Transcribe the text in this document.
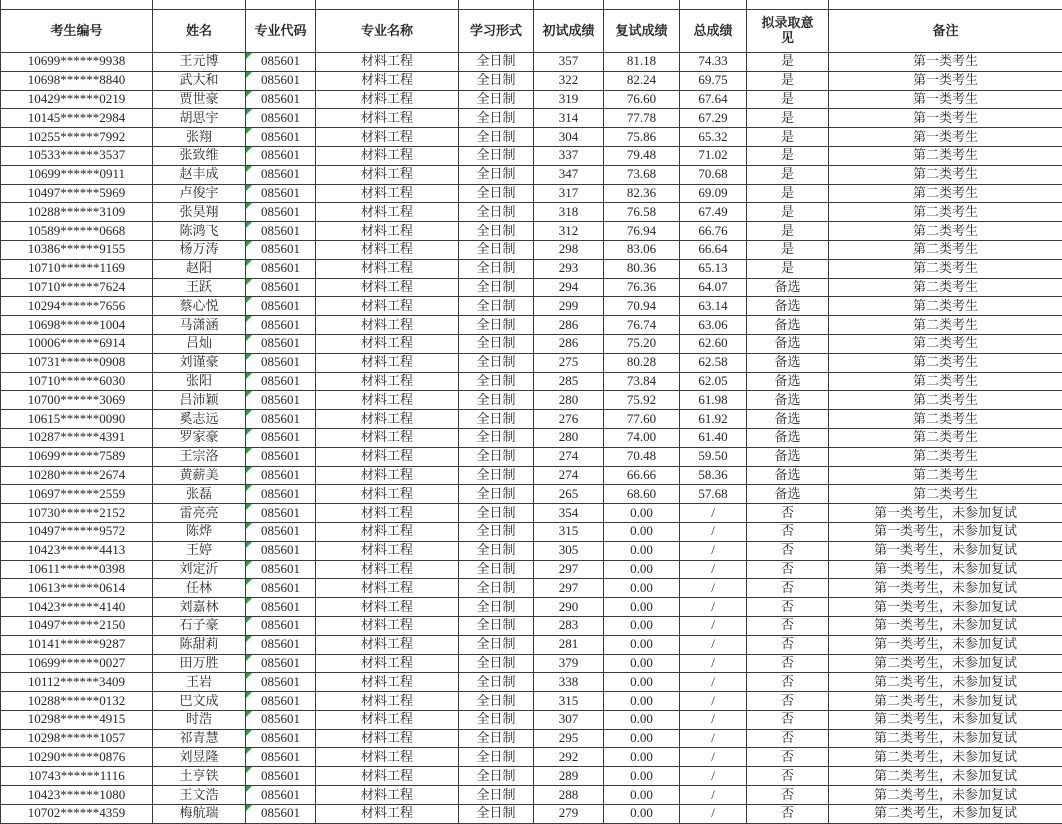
考生编号	姓名	专业代码	专业名称	学习形式	初试成绩	复试成绩	总成绩	拟录取意见	备注
10699******9938	王元博	085601	材料工程	全日制	357	81.18	74.33	是	第一类考生
10698******8840	武大和	085601	材料工程	全日制	322	82.24	69.75	是	第一类考生
10429******0219	贾世豪	085601	材料工程	全日制	319	76.60	67.64	是	第一类考生
10145******2984	胡思宇	085601	材料工程	全日制	314	77.78	67.29	是	第一类考生
10255******7992	张翔	085601	材料工程	全日制	304	75.86	65.32	是	第一类考生
10533******3537	张致维	085601	材料工程	全日制	337	79.48	71.02	是	第二类考生
10699******0911	赵丰成	085601	材料工程	全日制	347	73.68	70.68	是	第二类考生
10497******5969	卢俊宇	085601	材料工程	全日制	317	82.36	69.09	是	第二类考生
10288******3109	张昊翔	085601	材料工程	全日制	318	76.58	67.49	是	第二类考生
10589******0668	陈鸿飞	085601	材料工程	全日制	312	76.94	66.76	是	第二类考生
10386******9155	杨万涛	085601	材料工程	全日制	298	83.06	66.64	是	第二类考生
10710******1169	赵阳	085601	材料工程	全日制	293	80.36	65.13	是	第二类考生
10710******7624	王跃	085601	材料工程	全日制	294	76.36	64.07	备选	第二类考生
10294******7656	蔡心悦	085601	材料工程	全日制	299	70.94	63.14	备选	第二类考生
10698******1004	马潇涵	085601	材料工程	全日制	286	76.74	63.06	备选	第二类考生
10006******6914	吕灿	085601	材料工程	全日制	286	75.20	62.60	备选	第二类考生
10731******0908	刘谨豪	085601	材料工程	全日制	275	80.28	62.58	备选	第二类考生
10710******6030	张阳	085601	材料工程	全日制	285	73.84	62.05	备选	第二类考生
10700******3069	吕沛颖	085601	材料工程	全日制	280	75.92	61.98	备选	第二类考生
10615******0090	奚志远	085601	材料工程	全日制	276	77.60	61.92	备选	第二类考生
10287******4391	罗家豪	085601	材料工程	全日制	280	74.00	61.40	备选	第二类考生
10699******7589	王宗洛	085601	材料工程	全日制	274	70.48	59.50	备选	第二类考生
10280******2674	黄薪美	085601	材料工程	全日制	274	66.66	58.36	备选	第二类考生
10697******2559	张磊	085601	材料工程	全日制	265	68.60	57.68	备选	第二类考生
10730******2152	雷亮亮	085601	材料工程	全日制	354	0.00	/	否	第一类考生，未参加复试
10497******9572	陈烨	085601	材料工程	全日制	315	0.00	/	否	第一类考生，未参加复试
10423******4413	王婷	085601	材料工程	全日制	305	0.00	/	否	第一类考生，未参加复试
10611******0398	刘定沂	085601	材料工程	全日制	297	0.00	/	否	第一类考生，未参加复试
10613******0614	任林	085601	材料工程	全日制	297	0.00	/	否	第一类考生，未参加复试
10423******4140	刘嘉林	085601	材料工程	全日制	290	0.00	/	否	第一类考生，未参加复试
10497******2150	石子豪	085601	材料工程	全日制	283	0.00	/	否	第一类考生，未参加复试
10141******9287	陈甜莉	085601	材料工程	全日制	281	0.00	/	否	第一类考生，未参加复试
10699******0027	田万胜	085601	材料工程	全日制	379	0.00	/	否	第二类考生，未参加复试
10112******3409	王岩	085601	材料工程	全日制	338	0.00	/	否	第二类考生，未参加复试
10288******0132	巴文成	085601	材料工程	全日制	315	0.00	/	否	第二类考生，未参加复试
10298******4915	时浩	085601	材料工程	全日制	307	0.00	/	否	第二类考生，未参加复试
10298******1057	祁青慧	085601	材料工程	全日制	295	0.00	/	否	第二类考生，未参加复试
10290******0876	刘昱隆	085601	材料工程	全日制	292	0.00	/	否	第二类考生，未参加复试
10743******1116	土亨铁	085601	材料工程	全日制	289	0.00	/	否	第二类考生，未参加复试
10423******1080	王文浩	085601	材料工程	全日制	288	0.00	/	否	第二类考生，未参加复试
10702******4359	梅航瑞	085601	材料工程	全日制	279	0.00	/	否	第二类考生，未参加复试
